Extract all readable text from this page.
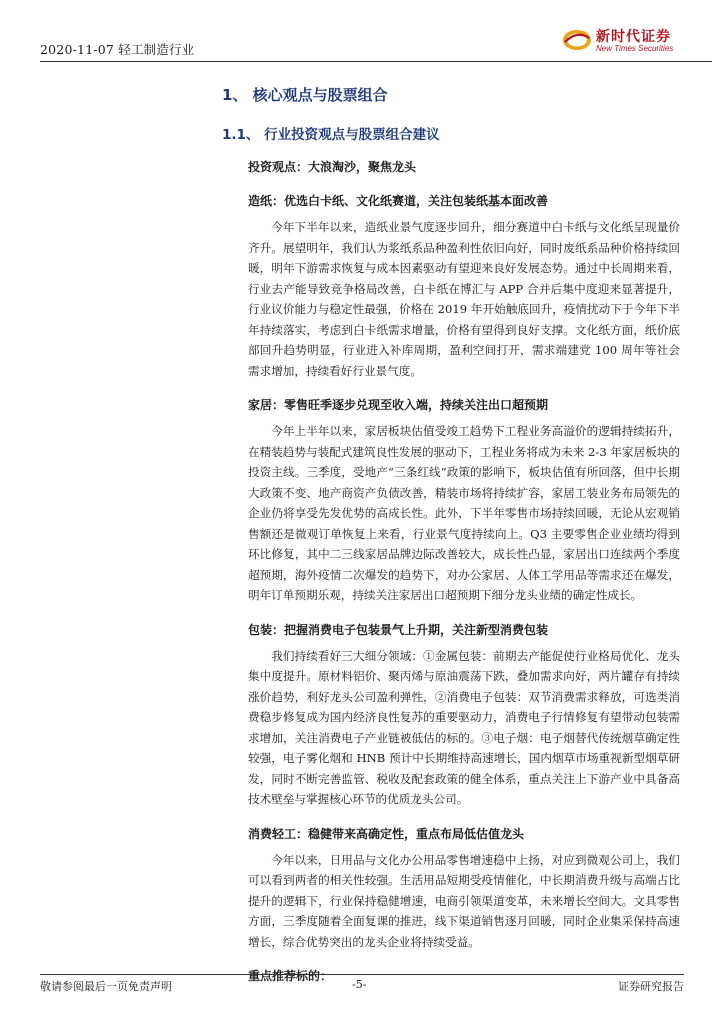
2020-11-07 轻工制造行业
新时代证券
New Times Securities
1、 核心观点与股票组合
1.1、 行业投资观点与股票组合建议
投资观点：大浪淘沙，聚焦龙头
造纸：优选白卡纸、文化纸赛道，关注包装纸基本面改善
今年下半年以来，造纸业景气度逐步回升，细分赛道中白卡纸与文化纸呈现量价齐升。展望明年，我们认为浆纸系品种盈利性依旧向好，同时废纸系品种价格持续回暖，明年下游需求恢复与成本因素驱动有望迎来良好发展态势。通过中长周期来看，行业去产能导致竞争格局改善，白卡纸在博汇与 APP 合并后集中度迎来显著提升，行业议价能力与稳定性最强，价格在 2019 年开始触底回升，疫情扰动下于今年下半年持续落实，考虑到白卡纸需求增量，价格有望得到良好支撑。文化纸方面，纸价底部回升趋势明显，行业进入补库周期，盈利空间打开，需求端建党 100 周年等社会需求增加，持续看好行业景气度。
家居：零售旺季逐步兑现至收入端，持续关注出口超预期
今年上半年以来，家居板块估值受竣工趋势下工程业务高溢价的逻辑持续拓升，在精装趋势与装配式建筑良性发展的驱动下，工程业务将成为未来 2-3 年家居板块的投资主线。三季度，受地产“三条红线”政策的影响下，板块估值有所回落，但中长期大政策不变、地产商资产负债改善，精装市场将持续扩容，家居工装业务布局领先的企业仍将享受先发优势的高成长性。此外，下半年零售市场持续回暖，无论从宏观销售额还是微观订单恢复上来看，行业景气度持续向上。Q3 主要零售企业业绩均得到环比修复，其中二三线家居品牌边际改善较大，成长性凸显，家居出口连续两个季度超预期，海外疫情二次爆发的趋势下，对办公家居、人体工学用品等需求还在爆发，明年订单预期乐观，持续关注家居出口超预期下细分龙头业绩的确定性成长。
包装：把握消费电子包装景气上升期，关注新型消费包装
我们持续看好三大细分领域：①金属包装：前期去产能促使行业格局优化、龙头集中度提升。原材料铝价、聚丙烯与原油震荡下跌，叠加需求向好，两片罐存有持续涨价趋势，利好龙头公司盈利弹性，②消费电子包装：双节消费需求释放，可选类消费稳步修复成为国内经济良性复苏的重要驱动力，消费电子行情修复有望带动包装需求增加，关注消费电子产业链被低估的标的。③电子烟：电子烟替代传统烟草确定性较强，电子雾化烟和 HNB 预计中长期维持高速增长，国内烟草市场重视新型烟草研发，同时不断完善监管、税收及配套政策的健全体系，重点关注上下游产业中具备高技术壁垒与掌握核心环节的优质龙头公司。
消费轻工：稳健带来高确定性，重点布局低估值龙头
今年以来，日用品与文化办公用品零售增速稳中上扬，对应到微观公司上，我们可以看到两者的相关性较强。生活用品短期受疫情催化，中长期消费升级与高端占比提升的逻辑下，行业保持稳健增速，电商引领渠道变革，未来增长空间大。文具零售方面，三季度随着全面复课的推进，线下渠道销售逐月回暖，同时企业集采保持高速增长，综合优势突出的龙头企业将持续受益。
重点推荐标的：
敬请参阅最后一页免责声明	-5-	证券研究报告
